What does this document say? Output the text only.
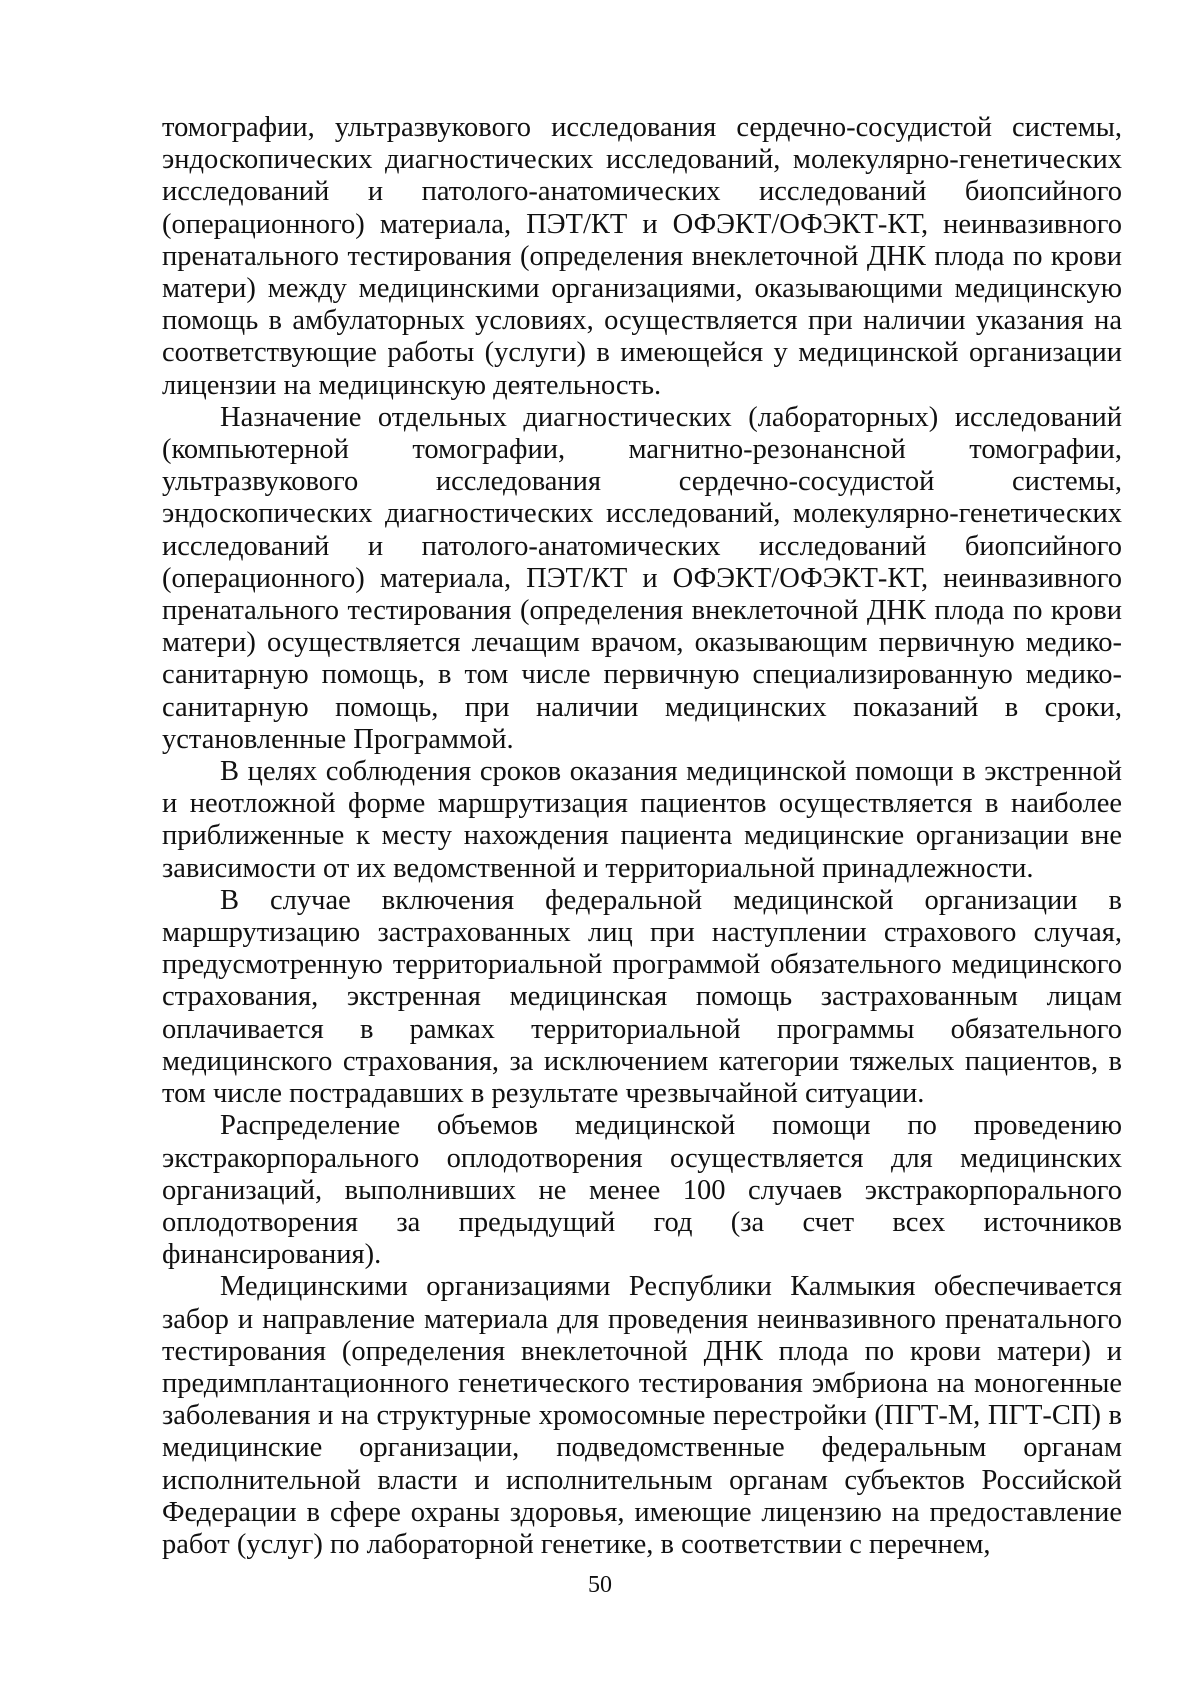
томографии, ультразвукового исследования сердечно-сосудистой системы, эндоскопических диагностических исследований, молекулярно-генетических исследований и патолого-анатомических исследований биопсийного (операционного) материала, ПЭТ/КТ и ОФЭКТ/ОФЭКТ-КТ, неинвазивного пренатального тестирования (определения внеклеточной ДНК плода по крови матери) между медицинскими организациями, оказывающими медицинскую помощь в амбулаторных условиях, осуществляется при наличии указания на соответствующие работы (услуги) в имеющейся у медицинской организации лицензии на медицинскую деятельность.

Назначение отдельных диагностических (лабораторных) исследований (компьютерной томографии, магнитно-резонансной томографии, ультразвукового исследования сердечно-сосудистой системы, эндоскопических диагностических исследований, молекулярно-генетических исследований и патолого-анатомических исследований биопсийного (операционного) материала, ПЭТ/КТ и ОФЭКТ/ОФЭКТ-КТ, неинвазивного пренатального тестирования (определения внеклеточной ДНК плода по крови матери) осуществляется лечащим врачом, оказывающим первичную медико-санитарную помощь, в том числе первичную специализированную медико-санитарную помощь, при наличии медицинских показаний в сроки, установленные Программой.

В целях соблюдения сроков оказания медицинской помощи в экстренной и неотложной форме маршрутизация пациентов осуществляется в наиболее приближенные к месту нахождения пациента медицинские организации вне зависимости от их ведомственной и территориальной принадлежности.

В случае включения федеральной медицинской организации в маршрутизацию застрахованных лиц при наступлении страхового случая, предусмотренную территориальной программой обязательного медицинского страхования, экстренная медицинская помощь застрахованным лицам оплачивается в рамках территориальной программы обязательного медицинского страхования, за исключением категории тяжелых пациентов, в том числе пострадавших в результате чрезвычайной ситуации.

Распределение объемов медицинской помощи по проведению экстракорпорального оплодотворения осуществляется для медицинских организаций, выполнивших не менее 100 случаев экстракорпорального оплодотворения за предыдущий год (за счет всех источников финансирования).

Медицинскими организациями Республики Калмыкия обеспечивается забор и направление материала для проведения неинвазивного пренатального тестирования (определения внеклеточной ДНК плода по крови матери) и предимплантационного генетического тестирования эмбриона на моногенные заболевания и на структурные хромосомные перестройки (ПГТ-М, ПГТ-СП) в медицинские организации, подведомственные федеральным органам исполнительной власти и исполнительным органам субъектов Российской Федерации в сфере охраны здоровья, имеющие лицензию на предоставление работ (услуг) по лабораторной генетике, в соответствии с перечнем,

50
